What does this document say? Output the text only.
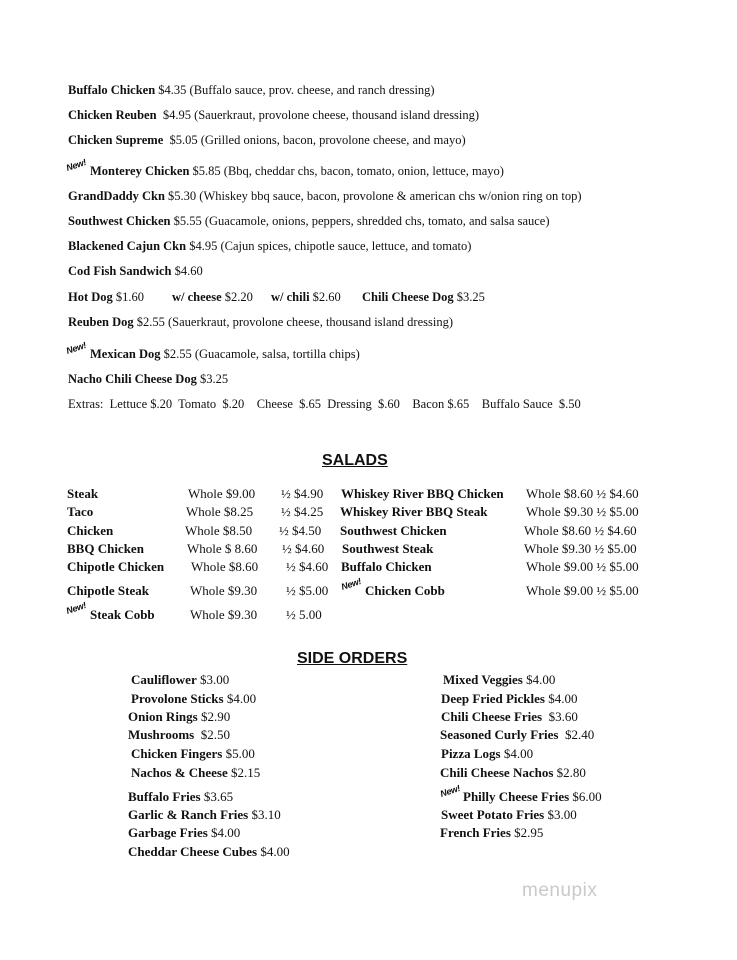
Buffalo Chicken $4.35 (Buffalo sauce, prov. cheese, and ranch dressing)
Chicken Reuben  $4.95 (Sauerkraut, provolone cheese, thousand island dressing)
Chicken Supreme  $5.05 (Grilled onions, bacon, provolone cheese, and mayo)
New! Monterey Chicken $5.85 (Bbq, cheddar chs, bacon, tomato, onion, lettuce, mayo)
GrandDaddy Ckn $5.30 (Whiskey bbq sauce, bacon, provolone & american chs w/onion ring on top)
Southwest Chicken $5.55 (Guacamole, onions, peppers, shredded chs, tomato, and salsa sauce)
Blackened Cajun Ckn $4.95 (Cajun spices, chipotle sauce, lettuce, and tomato)
Cod Fish Sandwich $4.60
Hot Dog $1.60 w/ cheese $2.20 w/ chili $2.60 Chili Cheese Dog $3.25
Reuben Dog $2.55 (Sauerkraut, provolone cheese, thousand island dressing)
New! Mexican Dog $2.55 (Guacamole, salsa, tortilla chips)
Nacho Chili Cheese Dog $3.25
Extras:  Lettuce $.20  Tomato  $.20    Cheese  $.65  Dressing  $.60    Bacon $.65    Buffalo Sauce  $.50
SALADS
Steak	Whole $9.00 ½ $4.90
Taco	Whole $8.25 ½ $4.25
Chicken	Whole $8.50 ½ $4.50
BBQ Chicken	Whole $ 8.60 ½ $4.60
Chipotle Chicken Whole $8.60 ½ $4.60
Chipotle Steak	Whole $9.30 ½ $5.00
New! Steak Cobb	Whole $9.30 ½ 5.00
Whiskey River BBQ Chicken Whole $8.60 ½ $4.60
Whiskey River BBQ Steak	Whole $9.30 ½ $5.00
Southwest Chicken	Whole $8.60 ½ $4.60
Southwest Steak	Whole $9.30 ½ $5.00
Buffalo Chicken	Whole $9.00 ½ $5.00
New! Chicken Cobb	Whole $9.00 ½ $5.00
SIDE ORDERS
Cauliflower $3.00
Provolone Sticks $4.00
Onion Rings $2.90
Mushrooms  $2.50
Chicken Fingers $5.00
Nachos & Cheese $2.15
Buffalo Fries $3.65
Garlic & Ranch Fries $3.10
Garbage Fries $4.00
Cheddar Cheese Cubes $4.00
Mixed Veggies $4.00
Deep Fried Pickles $4.00
Chili Cheese Fries  $3.60
Seasoned Curly Fries  $2.40
Pizza Logs $4.00
Chili Cheese Nachos $2.80
New! Philly Cheese Fries $6.00
Sweet Potato Fries $3.00
French Fries $2.95
menupix
